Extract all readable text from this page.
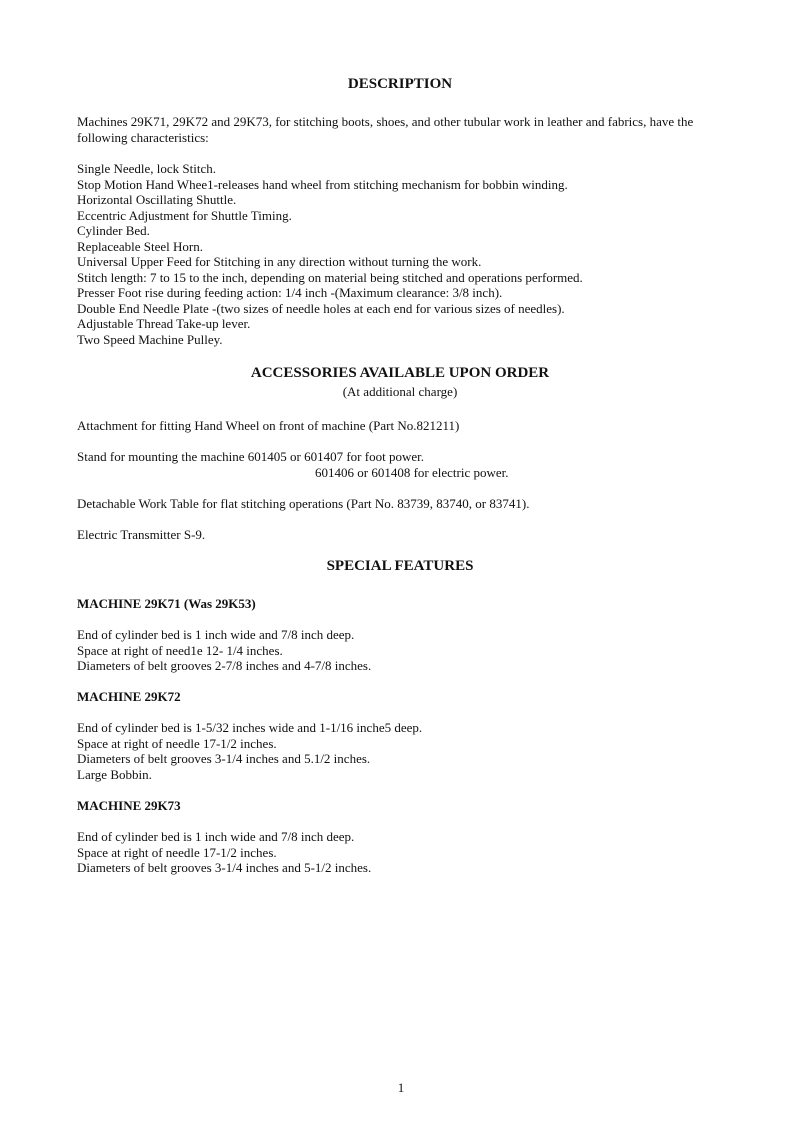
DESCRIPTION
Machines 29K71, 29K72 and 29K73, for stitching boots, shoes, and other tubular work in leather and fabrics, have the following characteristics:
Single Needle, lock Stitch.
Stop Motion Hand Whee1-releases hand wheel from stitching mechanism for bobbin winding.
Horizontal Oscillating Shuttle.
Eccentric Adjustment for Shuttle Timing.
Cylinder Bed.
Replaceable Steel Horn.
Universal Upper Feed for Stitching in any direction without turning the work.
Stitch length: 7 to 15 to the inch, depending on material being stitched and operations performed.
Presser Foot rise during feeding action: 1/4 inch -(Maximum clearance: 3/8 inch).
Double End Needle Plate -(two sizes of needle holes at each end for various sizes of needles).
Adjustable Thread Take-up lever.
Two Speed Machine Pulley.
ACCESSORIES AVAILABLE UPON ORDER
(At additional charge)
Attachment for fitting Hand Wheel on front of machine (Part No.821211)
Stand for mounting the machine 601405 or 601407 for foot power.
601406 or 601408 for electric power.
Detachable Work Table for flat stitching operations (Part No. 83739, 83740, or 83741).
Electric Transmitter S-9.
SPECIAL FEATURES
MACHINE 29K71 (Was 29K53)
End of cylinder bed is 1 inch wide and 7/8 inch deep.
Space at right of need1e 12- 1/4 inches.
Diameters of belt grooves 2-7/8 inches and 4-7/8 inches.
MACHINE 29K72
End of cylinder bed is 1-5/32 inches wide and 1-1/16 inche5 deep.
Space at right of needle 17-1/2 inches.
Diameters of belt grooves 3-1/4 inches and 5.1/2 inches.
Large Bobbin.
MACHINE 29K73
End of cylinder bed is 1 inch wide and 7/8 inch deep.
Space at right of needle 17-1/2 inches.
Diameters of belt grooves 3-1/4 inches and 5-1/2 inches.
1
